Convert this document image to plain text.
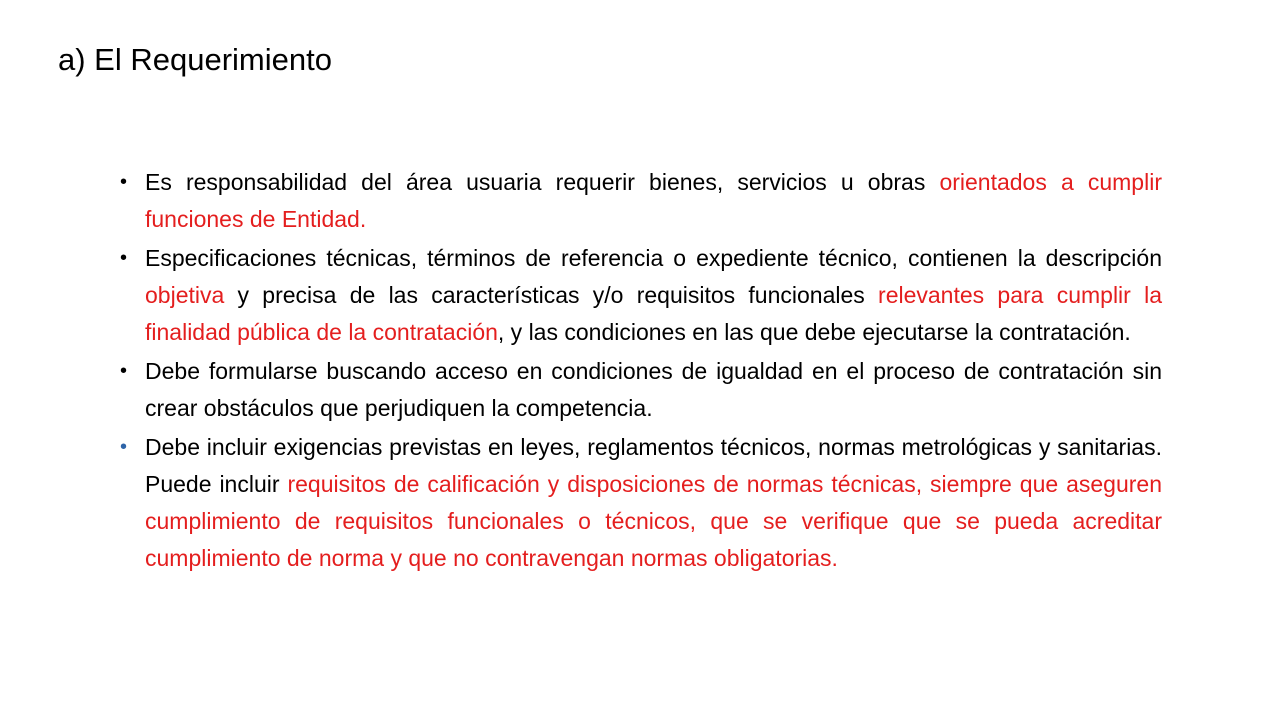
a) El Requerimiento
• Es responsabilidad del área usuaria requerir bienes, servicios u obras orientados a cumplir funciones de Entidad.
• Especificaciones técnicas, términos de referencia o expediente técnico, contienen la descripción objetiva y precisa de las características y/o requisitos funcionales relevantes para cumplir la finalidad pública de la contratación, y las condiciones en las que debe ejecutarse la contratación.
• Debe formularse buscando acceso en condiciones de igualdad en el proceso de contratación sin crear obstáculos que perjudiquen la competencia.
• Debe incluir exigencias previstas en leyes, reglamentos técnicos, normas metrológicas y sanitarias. Puede incluir requisitos de calificación y disposiciones de normas técnicas, siempre que aseguren cumplimiento de requisitos funcionales o técnicos, que se verifique que se pueda acreditar cumplimiento de norma y que no contravengan normas obligatorias.
